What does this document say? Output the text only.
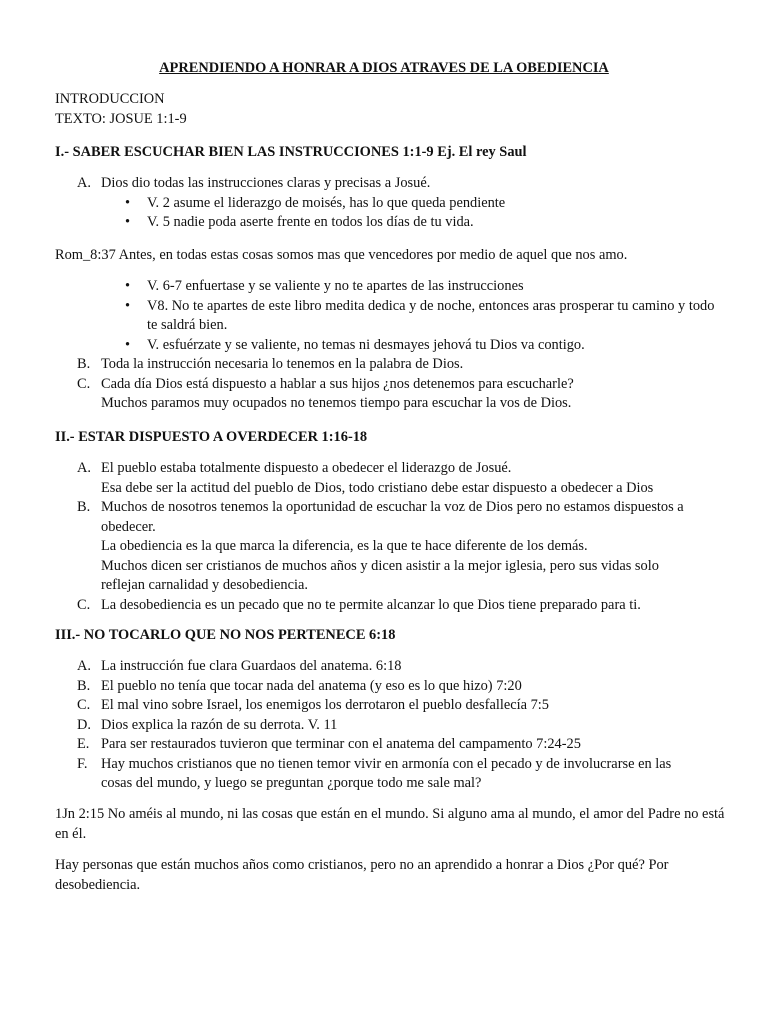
APRENDIENDO A HONRAR A DIOS ATRAVES DE LA OBEDIENCIA

INTRODUCCION

TEXTO: JOSUE 1:1-9

I.- SABER ESCUCHAR BIEN LAS INSTRUCCIONES 1:1-9 Ej. El rey Saul
A. Dios dio todas las instrucciones claras y precisas a Josué.
• V. 2 asume el liderazgo de moisés, has lo que queda pendiente
• V. 5 nadie poda aserte frente en todos los días de tu vida.
Rom_8:37 Antes, en todas estas cosas somos mas que vencedores por medio de aquel que nos amo.
• V. 6-7 enfuertase y se valiente y no te apartes de las instrucciones
• V8. No te apartes de este libro medita dedica y de noche, entonces aras prosperar tu camino y todo te saldrá bien.
• V. esfuérzate y se valiente, no temas ni desmayes jehová tu Dios va contigo.
B. Toda la instrucción necesaria lo tenemos en la palabra de Dios.
C. Cada día Dios está dispuesto a hablar a sus hijos ¿nos detenemos para escucharle?
Muchos paramos muy ocupados no tenemos tiempo para escuchar la vos de Dios.
II.- ESTAR DISPUESTO A OVERDECER 1:16-18
A. El pueblo estaba totalmente dispuesto a obedecer el liderazgo de Josué.
Esa debe ser la actitud del pueblo de Dios, todo cristiano debe estar dispuesto a obedecer a Dios
B. Muchos de nosotros tenemos la oportunidad de escuchar la voz de Dios pero no estamos dispuestos a obedecer.
La obediencia es la que marca la diferencia, es la que te hace diferente de los demás.
Muchos dicen ser cristianos de muchos años y dicen asistir a la mejor iglesia, pero sus vidas solo reflejan carnalidad y desobediencia.
C. La desobediencia es un pecado que no te permite alcanzar lo que Dios tiene preparado para ti.
III.- NO TOCARLO QUE NO NOS PERTENECE 6:18
A. La instrucción fue clara Guardaos del anatema. 6:18
B. El pueblo no tenía que tocar nada del anatema (y eso es lo que hizo) 7:20
C. El mal vino sobre Israel, los enemigos los derrotaron el pueblo desfallecía 7:5
D. Dios explica la razón de su derrota. V. 11
E. Para ser restaurados tuvieron que terminar con el anatema del campamento 7:24-25
F. Hay muchos cristianos que no tienen temor vivir en armonía con el pecado y de involucrarse en las cosas del mundo, y luego se preguntan ¿porque todo me sale mal?
1Jn 2:15 No améis al mundo, ni las cosas que están en el mundo. Si alguno ama al mundo, el amor del Padre no está en él.
Hay personas que están muchos años como cristianos, pero no an aprendido a honrar a Dios ¿Por qué? Por desobediencia.
